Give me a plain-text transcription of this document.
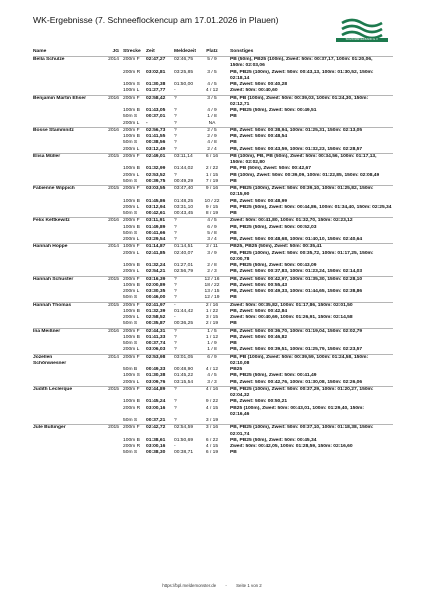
WK-Ergebnisse (7. Schneeflockencup am 17.01.2026 in Plauen)
SCHWIMMVERBAND E.V.
Name	JG Strecke	Zeit	Meldezeit	Platz	Sonstiges
Bella Schulze	2014 200m F	02:47,27	02:46,75	5 / 9	PB (50m), PB25 (100m), Zweit: 50m: 00:37,17, 100m: 01:20,06,
150m: 02:03,06
200m R	03:02,81	03:25,85	3 / 5	PB, PB25 (100m), Zweit: 50m: 00:43,13, 100m: 01:30,52, 150m:
02:18,14
100m S	01:30,38	01:50,00	4 / 5	PB, Zweit: 50m: 00:40,28
100m L	01:27,77	-	4 / 12	Zweit: 50m: 00:40,60
Benjamin Martin Ehser	2016 200m F	02:58,42	?	3 / 5	PB, PB (100m), Zweit: 50m: 00:39,03, 100m: 01:24,30, 150m:
02:12,71
100m B	01:43,05	?	4 / 9	PB, PB25 (50m), Zweit: 50m: 00:49,51
50m S	00:37,01	?	1 / 8	PB
200m L	-	?	NA
Bosse Stammnitz	2016 200m F	02:56,73	?	2 / 5	PB, Zweit: 50m: 00:38,94, 100m: 01:25,31, 150m: 02:13,05
100m B	01:41,55	?	2 / 9	PB, Zweit: 50m: 00:48,54
50m S	00:38,56	?	4 / 8	PB
200m L	03:12,49	?	2 / 4	PB, Zweit: 50m: 00:43,59, 100m: 01:32,23, 150m: 02:28,57
Elisa Müller	2015 200m F	02:49,01	03:11,14	6 / 16	PB (100m), PB, PB (50m), Zweit: 50m: 00:34,56, 100m: 01:17,13,
150m: 02:02,80
100m B	01:32,99	01:44,02	2 / 22	PB, PB (50m), Zweit: 50m: 00:42,67
200m L	02:53,52	?	1 / 15	PB (100m), Zweit: 50m: 00:39,09, 100m: 01:22,85, 150m: 02:08,49
50m S	00:39,75	00:49,29	7 / 19	PB
Fabienne Wippich	2015 200m F	03:03,55	03:47,40	9 / 16	PB, PB25 (100m), Zweit: 50m: 00:39,10, 100m: 01:25,82, 150m:
02:15,90
100m B	01:45,86	01:48,25	10 / 22	PB, Zweit: 50m: 00:48,99
200m L	03:12,94	03:31,10	9 / 15	PB, PB25 (50m), Zweit: 50m: 00:44,86, 100m: 01:34,40, 150m: 02:25,34
50m S	00:42,61	00:43,45	8 / 19	PB
Felix Kettkewitz	2016 200m F	03:11,91	?	4 / 5	Zweit: 50m: 00:41,80, 100m: 01:32,70, 150m: 02:23,12
100m B	01:49,89	?	6 / 9	PB, PB25 (50m), Zweit: 50m: 00:52,03
50m S	00:41,66	?	5 / 8	PB
200m L	03:29,54	?	3 / 4	PB, Zweit: 50m: 00:48,68, 100m: 01:40,10, 150m: 02:40,64
Hannah Hoppe	2014 100m F	01:14,87	01:14,51	2 / 11	PB25, PB25 (50m), Zweit: 50m: 00:35,41
200m L	02:41,85	02:40,07	3 / 9	PB, PB25 (100m), Zweit: 50m: 00:35,72, 100m: 01:17,25, 150m:
02:00,78
100m B	01:32,24	01:27,01	2 / 8	PB, PB25 (50m), Zweit: 50m: 00:43,09
200m L	02:54,21	02:56,79	2 / 3	PB, Zweit: 50m: 00:37,83, 100m: 01:23,24, 150m: 02:14,03
Hannah Schuster	2015 200m F	03:16,39	?	12 / 16	PB, Zweit: 50m: 00:42,97, 100m: 01:35,30, 150m: 02:28,10
100m B	02:00,89	?	18 / 22	PB, Zweit: 50m: 00:55,43
200m L	03:30,35	?	13 / 15	PB, Zweit: 50m: 00:49,33, 100m: 01:44,65, 150m: 02:38,86
50m S	00:46,00	?	12 / 19	PB
Hannah Thomas	2015 200m F	02:41,97	-	2 / 16	Zweit: 50m: 00:35,82, 100m: 01:17,86, 150m: 02:01,50
100m B	01:32,39	01:44,42	1 / 22	PB, Zweit: 50m: 00:42,84
200m L	02:58,52	-	3 / 15	Zweit: 50m: 00:40,69, 100m: 01:26,91, 150m: 02:14,58
50m S	00:35,87	00:36,25	2 / 19	PB
Ina Meißner	2016 200m F	02:44,31	?	1 / 5	PB, Zweit: 50m: 00:36,70, 100m: 01:19,04, 150m: 02:02,79
100m B	01:41,33	?	1 / 12	PB, Zweit: 50m: 00:46,82
50m S	00:37,74	?	1 / 9	PB
200m L	03:06,03	?	1 / 8	PB, Zweit: 50m: 00:39,51, 100m: 01:25,79, 150m: 02:23,57
Jozellen	2014 200m F	02:53,98	03:01,05	6 / 9	PB, PB (100m), Zweit: 50m: 00:39,59, 100m: 01:24,58, 150m:
Schönwiesner	02:10,08
50m B	00:49,33	00:48,90	4 / 12	PB25
100m S	01:30,38	01:45,22	4 / 5	PB, PB25 (50m), Zweit: 50m: 00:41,49
200m L	03:09,76	03:15,54	3 / 3	PB, Zweit: 50m: 00:42,76, 100m: 01:30,08, 150m: 02:26,06
Judith Leclerque	2015 200m F	02:44,89	?	4 / 16	PB, PB25 (100m), Zweit: 50m: 00:37,29, 100m: 01:20,27, 150m:
02:04,32
100m B	01:45,24	?	9 / 22	PB, Zweit: 50m: 00:50,21
200m R	03:00,16	?	4 / 15	PB25 (100m), Zweit: 50m: 00:43,01, 100m: 01:29,40, 150m:
02:16,46
50m S	00:37,21	?	3 / 19
Jule Bußinger	2015 200m F	02:42,72	02:54,59	3 / 16	PB, PB25 (100m), Zweit: 50m: 00:37,10, 100m: 01:18,38, 150m:
02:01,74
100m B	01:38,61	01:50,69	6 / 22	PB, PB25 (50m), Zweit: 50m: 00:45,34
200m R	03:00,16	-	4 / 15	Zweit: 50m: 00:42,05, 100m: 01:28,59, 150m: 02:16,60
50m S	00:38,30	00:38,71	6 / 19	PB
https://bpl.meldemonster.de - Seite 1 von 2
